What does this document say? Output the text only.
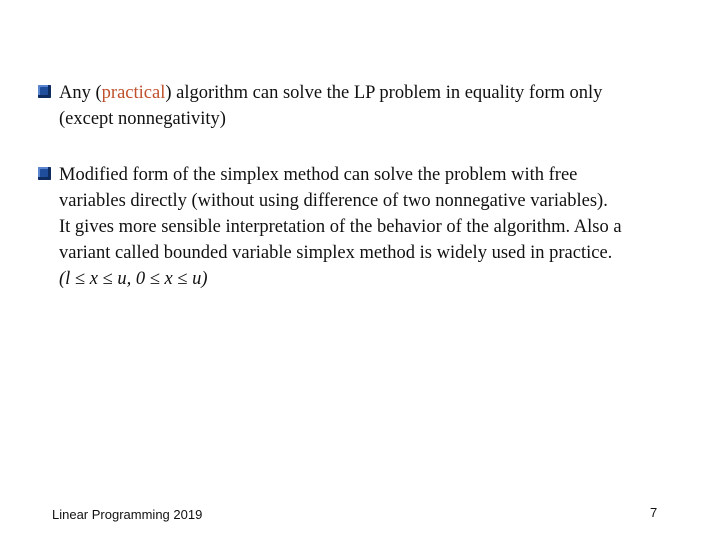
Any (practical) algorithm can solve the LP problem in equality form only
(except nonnegativity)
Modified form of the simplex method can solve the problem with free
variables directly (without using difference of two nonnegative variables).
It gives more sensible interpretation of the behavior of the algorithm. Also a
variant called bounded variable simplex method is widely used in practice.
(l ≤ x ≤ u, 0 ≤ x ≤ u)
Linear Programming 2019	7
